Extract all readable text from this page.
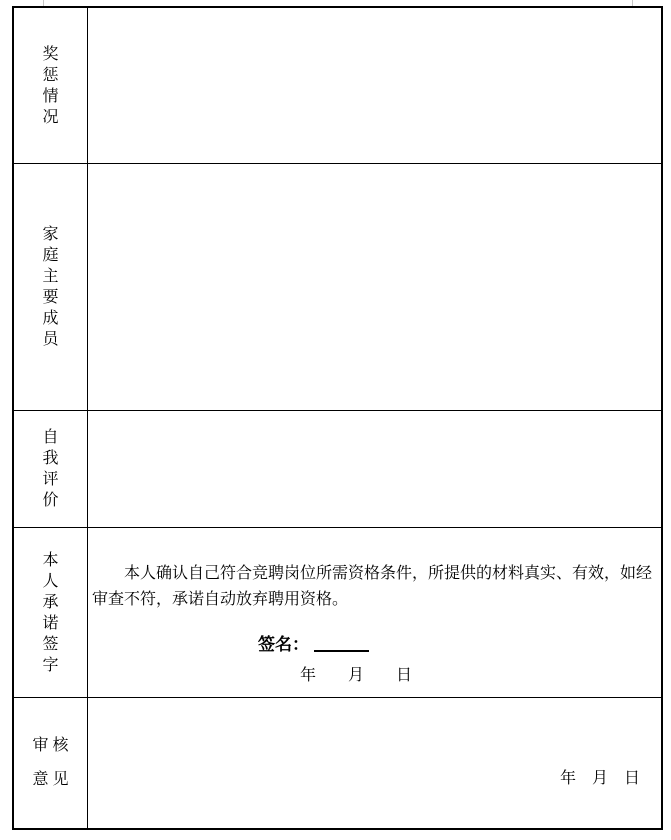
奖惩情况
家庭主要成员
自我评价
本人承诺签字

本人确认自己符合竞聘岗位所需资格条件，所提供的材料真实、有效，如经审查不符，承诺自动放弃聘用资格。

签名：
年　月　日
审 核
意 见	年　月　日
